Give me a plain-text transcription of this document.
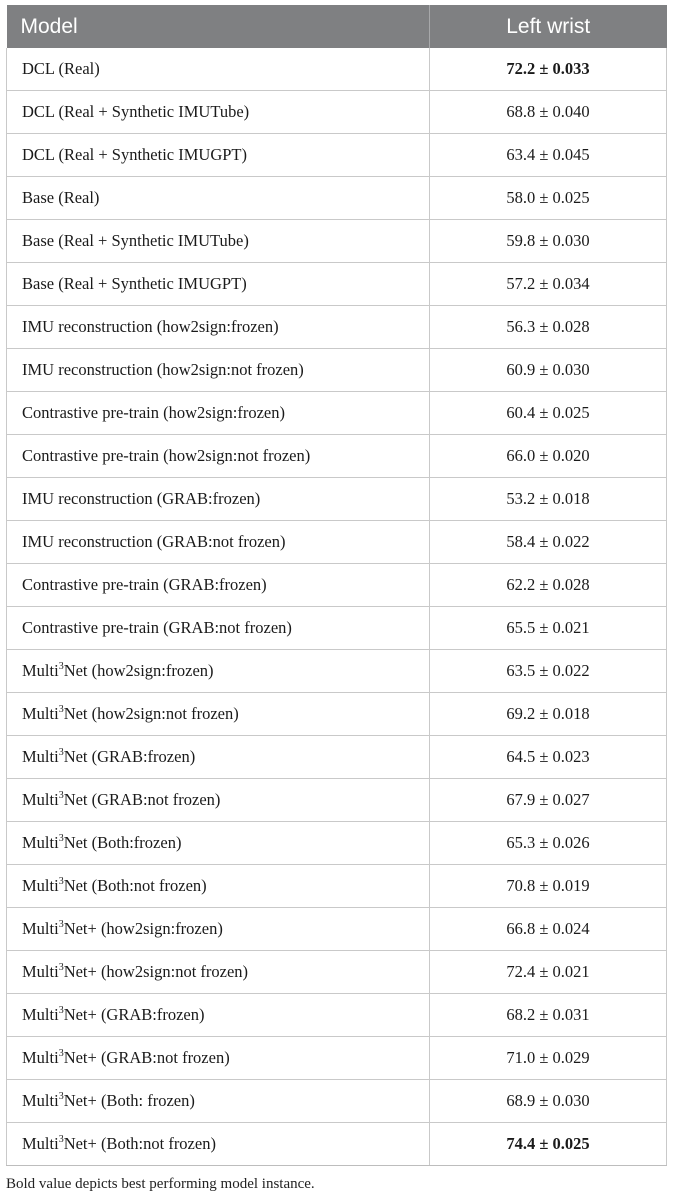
Model	Left wrist
DCL (Real)	72.2 ± 0.033
DCL (Real + Synthetic IMUTube)	68.8 ± 0.040
DCL (Real + Synthetic IMUGPT)	63.4 ± 0.045
Base (Real)	58.0 ± 0.025
Base (Real + Synthetic IMUTube)	59.8 ± 0.030
Base (Real + Synthetic IMUGPT)	57.2 ± 0.034
IMU reconstruction (how2sign:frozen)	56.3 ± 0.028
IMU reconstruction (how2sign:not frozen)	60.9 ± 0.030
Contrastive pre-train (how2sign:frozen)	60.4 ± 0.025
Contrastive pre-train (how2sign:not frozen)	66.0 ± 0.020
IMU reconstruction (GRAB:frozen)	53.2 ± 0.018
IMU reconstruction (GRAB:not frozen)	58.4 ± 0.022
Contrastive pre-train (GRAB:frozen)	62.2 ± 0.028
Contrastive pre-train (GRAB:not frozen)	65.5 ± 0.021
Multi$^3$Net (how2sign:frozen)	63.5 ± 0.022
Multi$^3$Net (how2sign:not frozen)	69.2 ± 0.018
Multi$^3$Net (GRAB:frozen)	64.5 ± 0.023
Multi$^3$Net (GRAB:not frozen)	67.9 ± 0.027
Multi$^3$Net (Both:frozen)	65.3 ± 0.026
Multi$^3$Net (Both:not frozen)	70.8 ± 0.019
Multi$^3$Net+ (how2sign:frozen)	66.8 ± 0.024
Multi$^3$Net+ (how2sign:not frozen)	72.4 ± 0.021
Multi$^3$Net+ (GRAB:frozen)	68.2 ± 0.031
Multi$^3$Net+ (GRAB:not frozen)	71.0 ± 0.029
Multi$^3$Net+ (Both: frozen)	68.9 ± 0.030
Multi$^3$Net+ (Both:not frozen)	74.4 ± 0.025
Bold value depicts best performing model instance.
